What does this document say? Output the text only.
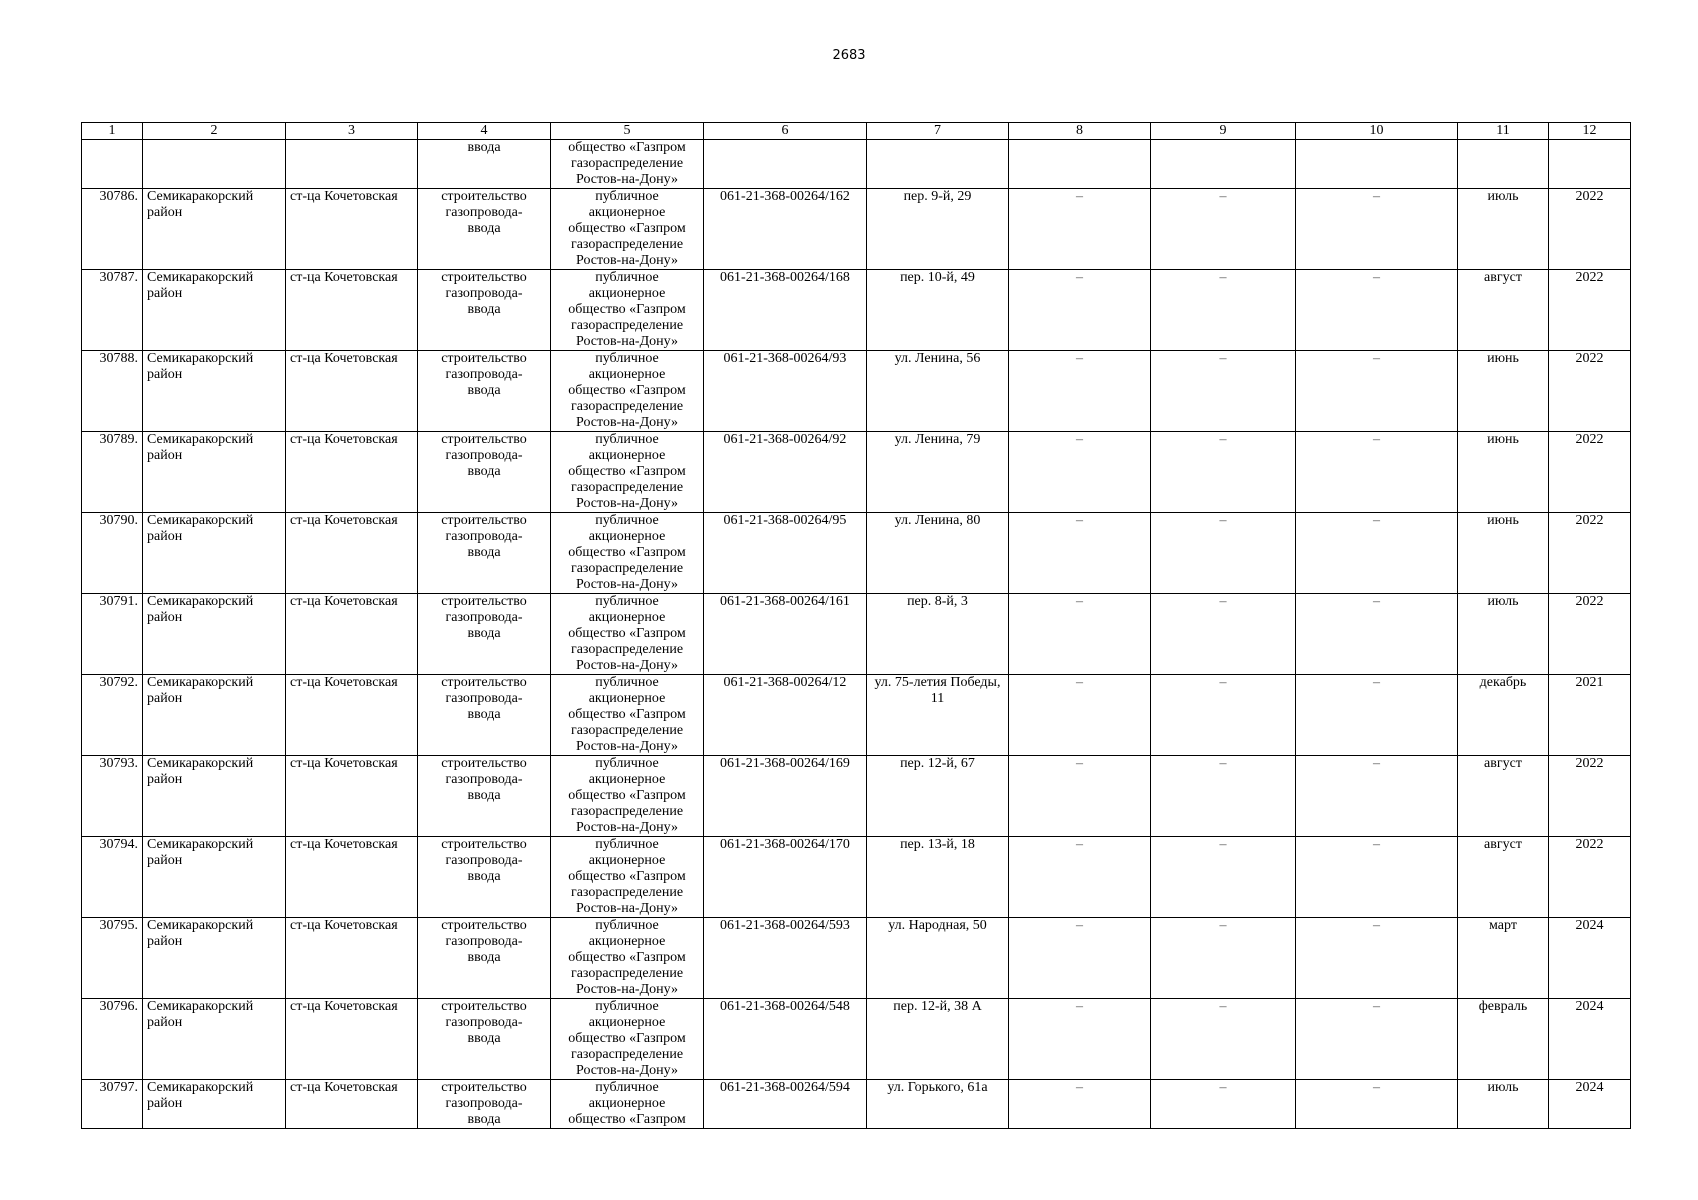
2683
1	2	3	4	5	6	7	8	9	10	11	12
			ввода	общество «Газпром
газораспределение
Ростов-на-Дону»							
30786.	Семикаракорский
район	ст-ца Кочетовская	строительство
газопровода-
ввода	публичное
акционерное
общество «Газпром
газораспределение
Ростов-на-Дону»	061-21-368-00264/162	пер. 9-й, 29	–	–	–	июль	2022
30787.	Семикаракорский
район	ст-ца Кочетовская	строительство
газопровода-
ввода	публичное
акционерное
общество «Газпром
газораспределение
Ростов-на-Дону»	061-21-368-00264/168	пер. 10-й, 49	–	–	–	август	2022
30788.	Семикаракорский
район	ст-ца Кочетовская	строительство
газопровода-
ввода	публичное
акционерное
общество «Газпром
газораспределение
Ростов-на-Дону»	061-21-368-00264/93	ул. Ленина, 56	–	–	–	июнь	2022
30789.	Семикаракорский
район	ст-ца Кочетовская	строительство
газопровода-
ввода	публичное
акционерное
общество «Газпром
газораспределение
Ростов-на-Дону»	061-21-368-00264/92	ул. Ленина, 79	–	–	–	июнь	2022
30790.	Семикаракорский
район	ст-ца Кочетовская	строительство
газопровода-
ввода	публичное
акционерное
общество «Газпром
газораспределение
Ростов-на-Дону»	061-21-368-00264/95	ул. Ленина, 80	–	–	–	июнь	2022
30791.	Семикаракорский
район	ст-ца Кочетовская	строительство
газопровода-
ввода	публичное
акционерное
общество «Газпром
газораспределение
Ростов-на-Дону»	061-21-368-00264/161	пер. 8-й, 3	–	–	–	июль	2022
30792.	Семикаракорский
район	ст-ца Кочетовская	строительство
газопровода-
ввода	публичное
акционерное
общество «Газпром
газораспределение
Ростов-на-Дону»	061-21-368-00264/12	ул. 75-летия Победы,
11	–	–	–	декабрь	2021
30793.	Семикаракорский
район	ст-ца Кочетовская	строительство
газопровода-
ввода	публичное
акционерное
общество «Газпром
газораспределение
Ростов-на-Дону»	061-21-368-00264/169	пер. 12-й, 67	–	–	–	август	2022
30794.	Семикаракорский
район	ст-ца Кочетовская	строительство
газопровода-
ввода	публичное
акционерное
общество «Газпром
газораспределение
Ростов-на-Дону»	061-21-368-00264/170	пер. 13-й, 18	–	–	–	август	2022
30795.	Семикаракорский
район	ст-ца Кочетовская	строительство
газопровода-
ввода	публичное
акционерное
общество «Газпром
газораспределение
Ростов-на-Дону»	061-21-368-00264/593	ул. Народная, 50	–	–	–	март	2024
30796.	Семикаракорский
район	ст-ца Кочетовская	строительство
газопровода-
ввода	публичное
акционерное
общество «Газпром
газораспределение
Ростов-на-Дону»	061-21-368-00264/548	пер. 12-й, 38 А	–	–	–	февраль	2024
30797.	Семикаракорский
район	ст-ца Кочетовская	строительство
газопровода-
ввода	публичное
акционерное
общество «Газпром	061-21-368-00264/594	ул. Горького, 61а	–	–	–	июль	2024
